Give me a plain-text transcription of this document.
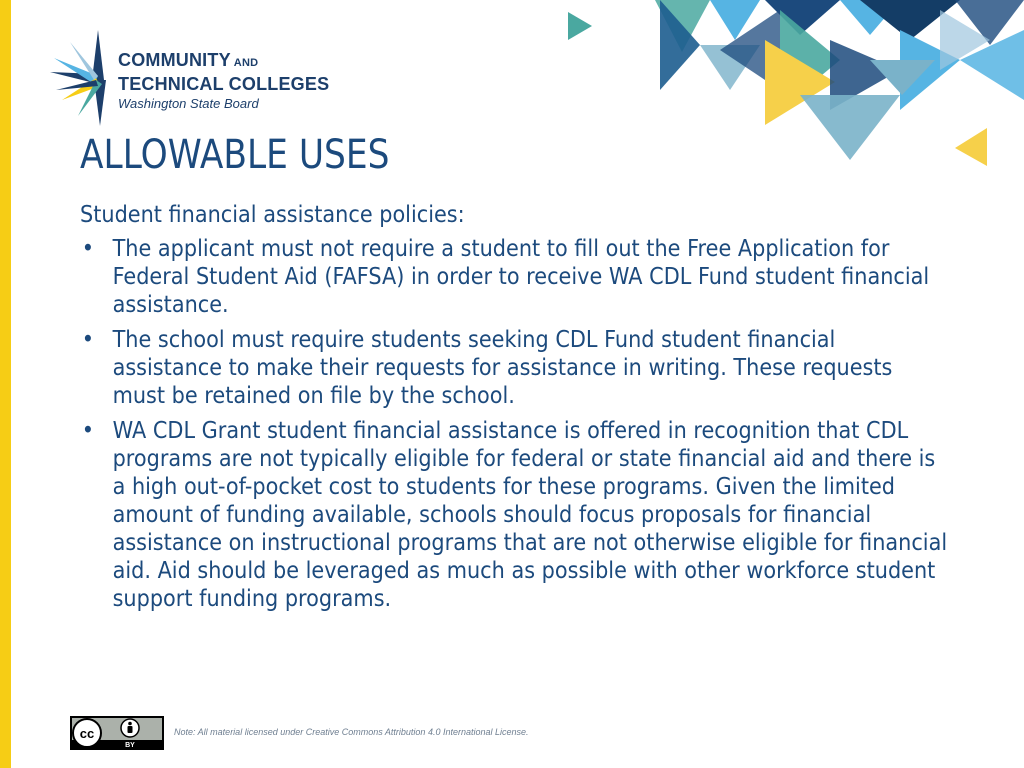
COMMUNITY AND
TECHNICAL COLLEGES
Washington State Board
ALLOWABLE USES
Student financial assistance policies:
• The applicant must not require a student to fill out the Free Application for Federal Student Aid (FAFSA) in order to receive WA CDL Fund student financial assistance.
• The school must require students seeking CDL Fund student financial assistance to make their requests for assistance in writing. These requests must be retained on file by the school.
• WA CDL Grant student financial assistance is offered in recognition that CDL programs are not typically eligible for federal or state financial aid and there is a high out-of-pocket cost to students for these programs. Given the limited amount of funding available, schools should focus proposals for financial assistance on instructional programs that are not otherwise eligible for financial aid. Aid should be leveraged as much as possible with other workforce student support funding programs.
cc
BY
Note: All material licensed under Creative Commons Attribution 4.0 International License.
